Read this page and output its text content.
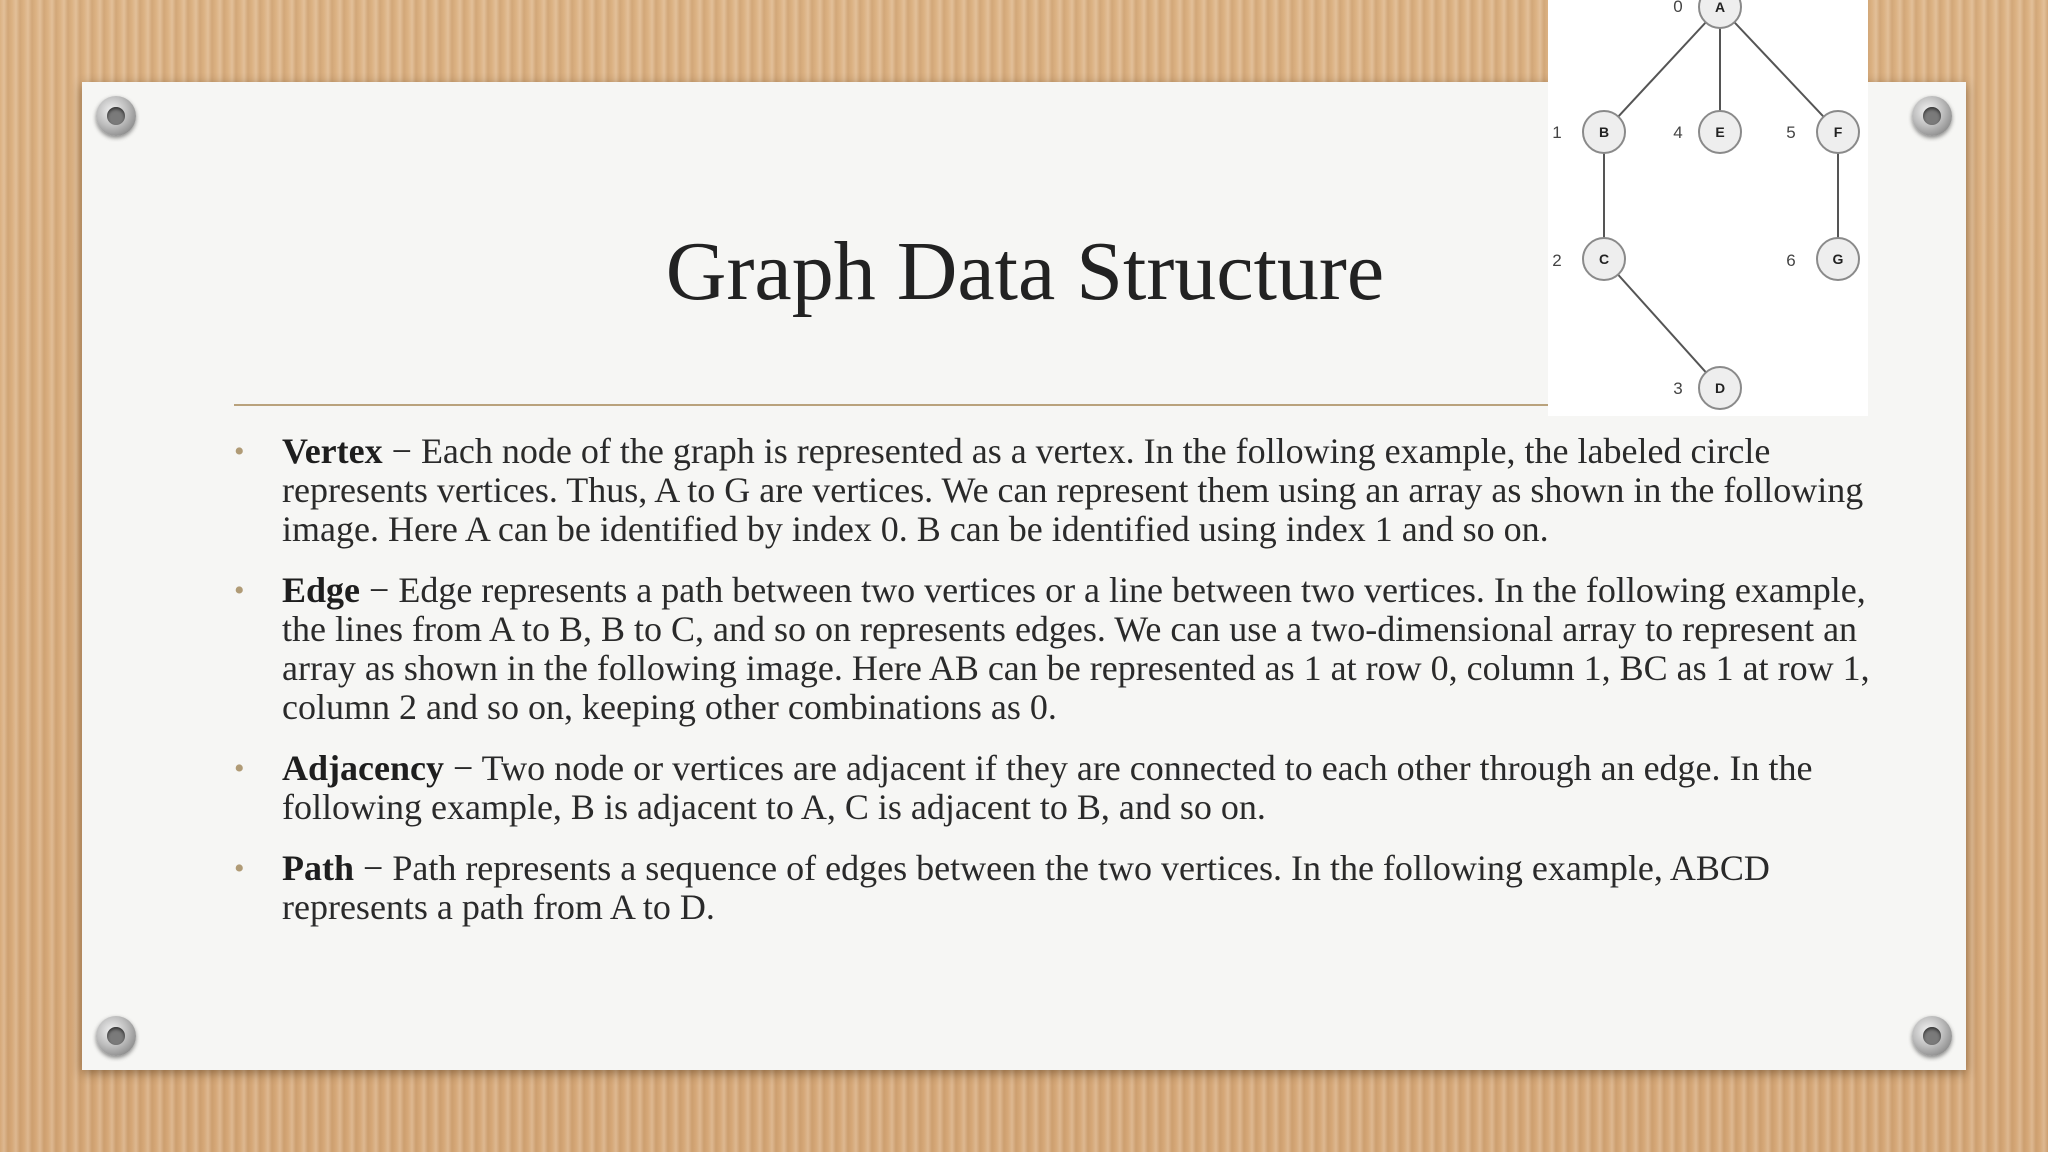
Graph Data Structure
• Vertex − Each node of the graph is represented as a vertex. In the following example, the labeled circle represents vertices. Thus, A to G are vertices. We can represent them using an array as shown in the following image. Here A can be identified by index 0. B can be identified using index 1 and so on.
• Edge − Edge represents a path between two vertices or a line between two vertices. In the following example, the lines from A to B, B to C, and so on represents edges. We can use a two-dimensional array to represent an array as shown in the following image. Here AB can be represented as 1 at row 0, column 1, BC as 1 at row 1, column 2 and so on, keeping other combinations as 0.
• Adjacency − Two node or vertices are adjacent if they are connected to each other through an edge. In the following example, B is adjacent to A, C is adjacent to B, and so on.
• Path − Path represents a sequence of edges between the two vertices. In the following example, ABCD represents a path from A to D.
A
0
B
1	E
4	F
5
C
2	G
6
D
3
